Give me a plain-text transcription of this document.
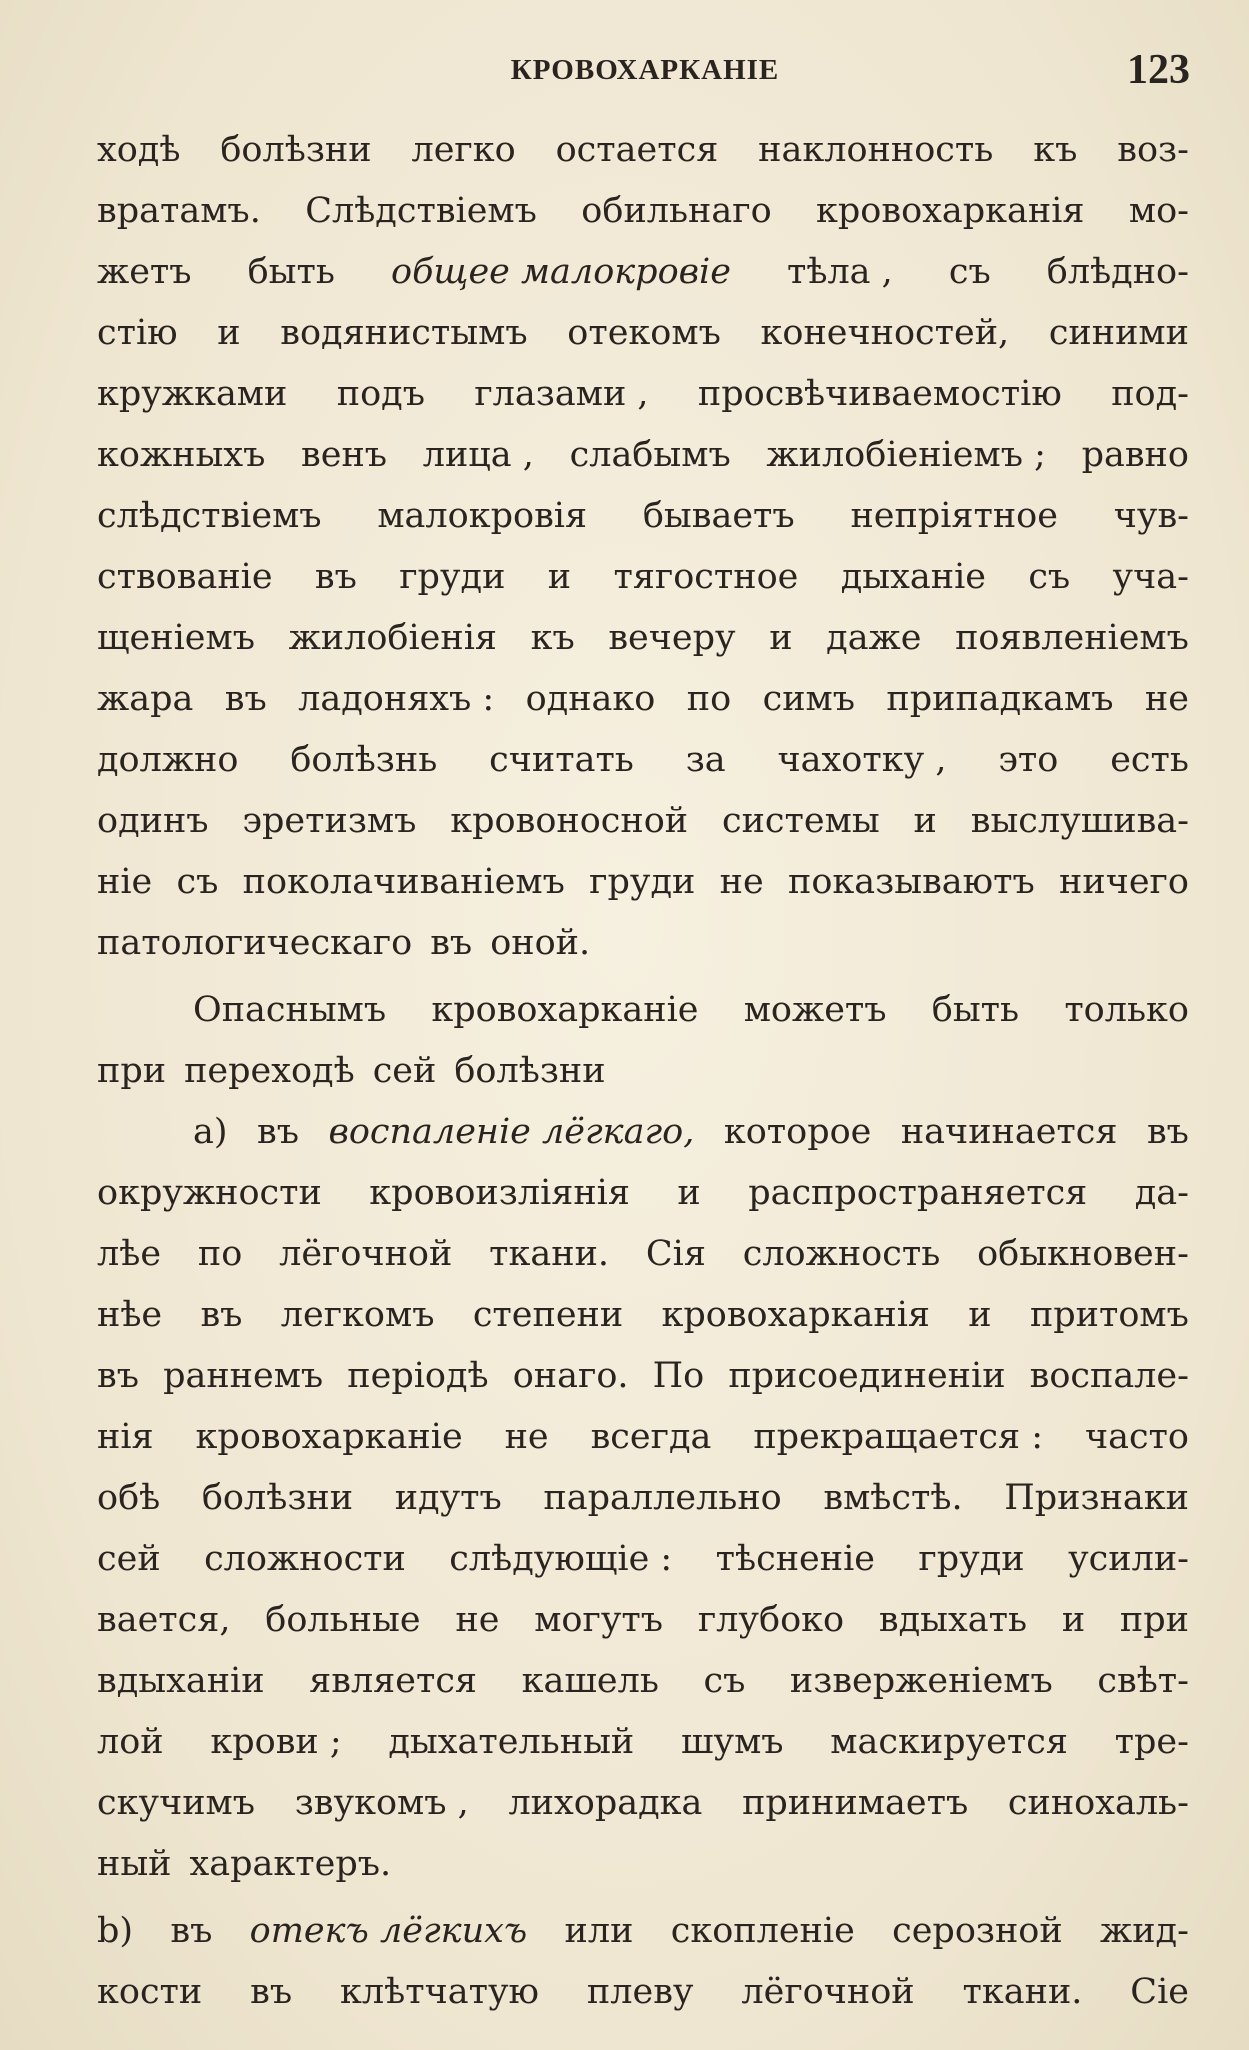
КРОВОХАРКАНІЕ	123
ходѣ болѣзни легко остается наклонность къ воз-
вратамъ. Слѣдствіемъ обильнаго кровохарканія мо-
жетъ быть общее малокровіе тѣла , съ блѣдно-
стію и водянистымъ отекомъ конечностей, синими
кружками подъ глазами , просвѣчиваемостію под-
кожныхъ венъ лица , слабымъ жилобіеніемъ ; равно
слѣдствіемъ малокровія бываетъ непріятное чув-
ствованіе въ груди и тягостное дыханіе съ уча-
щеніемъ жилобіенія къ вечеру и даже появленіемъ
жара въ ладоняхъ : однако по симъ припадкамъ не
должно болѣзнь считать за чахотку , это есть
одинъ эретизмъ кровоносной системы и выслушива-
ніе съ поколачиваніемъ груди не показываютъ ничего
патологическаго въ оной.
Опаснымъ кровохарканіе можетъ быть только
при переходѣ сей болѣзни
а) въ воспаленіе лёгкаго, которое начинается въ
окружности кровоизліянія и распространяется да-
лѣе по лёгочной ткани. Сія сложность обыкновен-
нѣе въ легкомъ степени кровохарканія и притомъ
въ раннемъ періодѣ онаго. По присоединеніи воспале-
нія кровохарканіе не всегда прекращается : часто
обѣ болѣзни идутъ параллельно вмѣстѣ. Признаки
сей сложности слѣдующіе : тѣсненіе груди усили-
вается, больные не могутъ глубоко вдыхать и при
вдыханіи является кашель съ изверженіемъ свѣт-
лой крови ; дыхательный шумъ маскируется тре-
скучимъ звукомъ , лихорадка принимаетъ синохаль-
ный характеръ.
b) въ отекъ лёгкихъ или скопленіе серозной жид-
кости въ клѣтчатую плеву лёгочной ткани. Сіе
